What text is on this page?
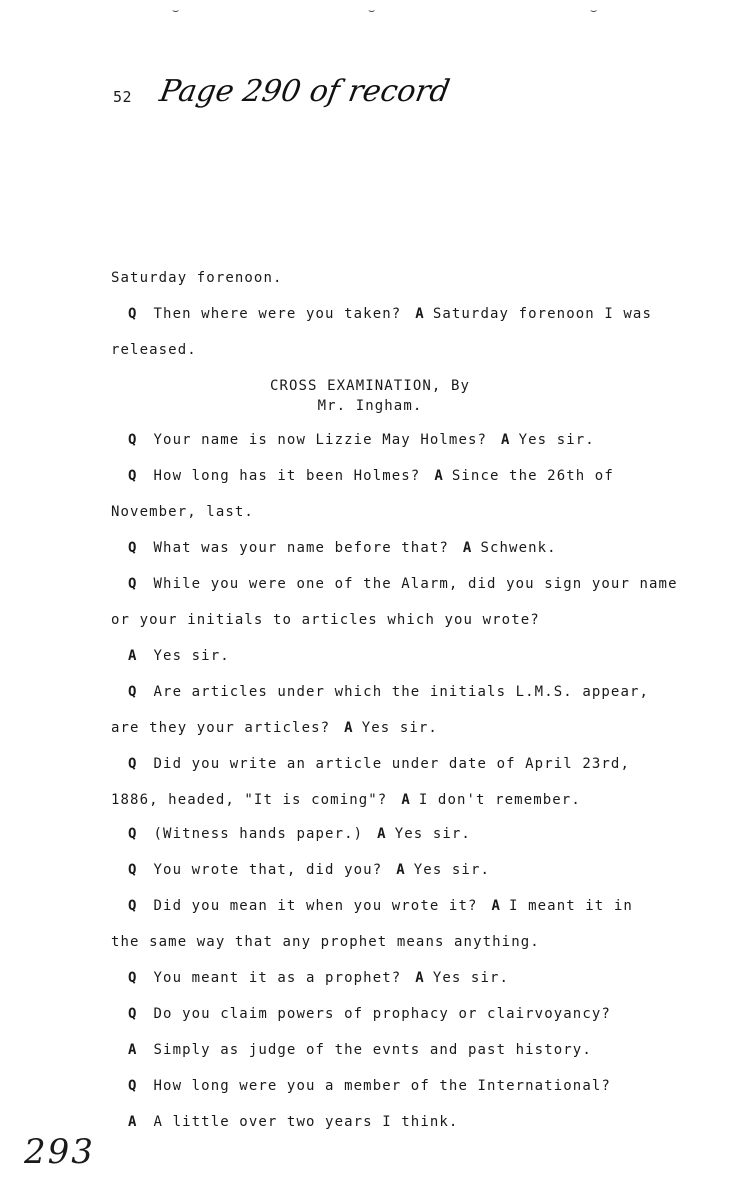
⌣	⌣	⌣
52 Page 290 of record
Saturday forenoon.
Q Then where were you taken? A Saturday forenoon I was
released.
CROSS EXAMINATION, By
Mr. Ingham.
Q Your name is now Lizzie May Holmes? A Yes sir.
Q How long has it been Holmes? A Since the 26th of
November, last.
Q What was your name before that? A Schwenk.
Q While you were one of the Alarm, did you sign your name
or your initials to articles which you wrote?
A Yes sir.
Q Are articles under which the initials L.M.S. appear,
are they your articles? A Yes sir.
Q Did you write an article under date of April 23rd,
1886, headed, "It is coming"? A I don't remember.
Q (Witness hands paper.) A Yes sir.
Q You wrote that, did you? A Yes sir.
Q Did you mean it when you wrote it? A I meant it in
the same way that any prophet means anything.
Q You meant it as a prophet? A Yes sir.
Q Do you claim powers of prophacy or clairvoyancy?
A Simply as judge of the evnts and past history.
Q How long were you a member of the International?
A A little over two years I think.
293
